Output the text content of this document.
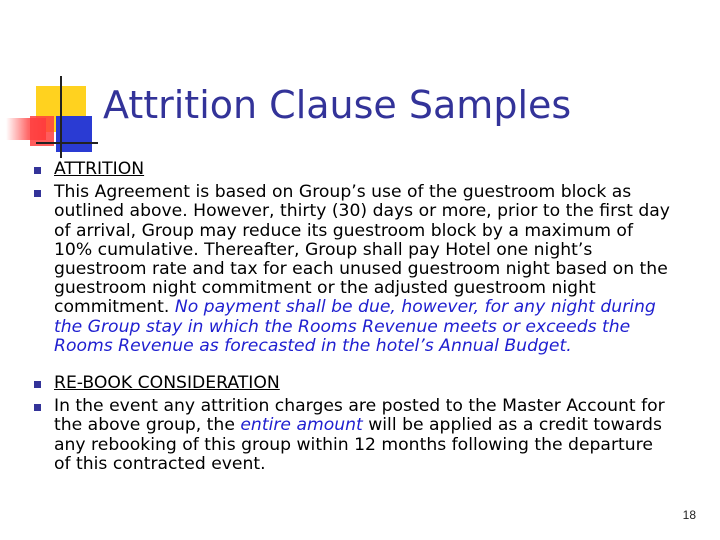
Attrition Clause Samples
ATTRITION
This Agreement is based on Group’s use of the guestroom block as outlined above. However, thirty (30) days or more, prior to the first day of arrival, Group may reduce its guestroom block by a maximum of 10% cumulative. Thereafter, Group shall pay Hotel one night’s guestroom rate and tax for each unused guestroom night based on the guestroom night commitment or the adjusted guestroom night commitment. No payment shall be due, however, for any night during the Group stay in which the Rooms Revenue meets or exceeds the Rooms Revenue as forecasted in the hotel’s Annual Budget.
RE-BOOK CONSIDERATION
In the event any attrition charges are posted to the Master Account for the above group, the entire amount will be applied as a credit towards any rebooking of this group within 12 months following the departure of this contracted event.
18
